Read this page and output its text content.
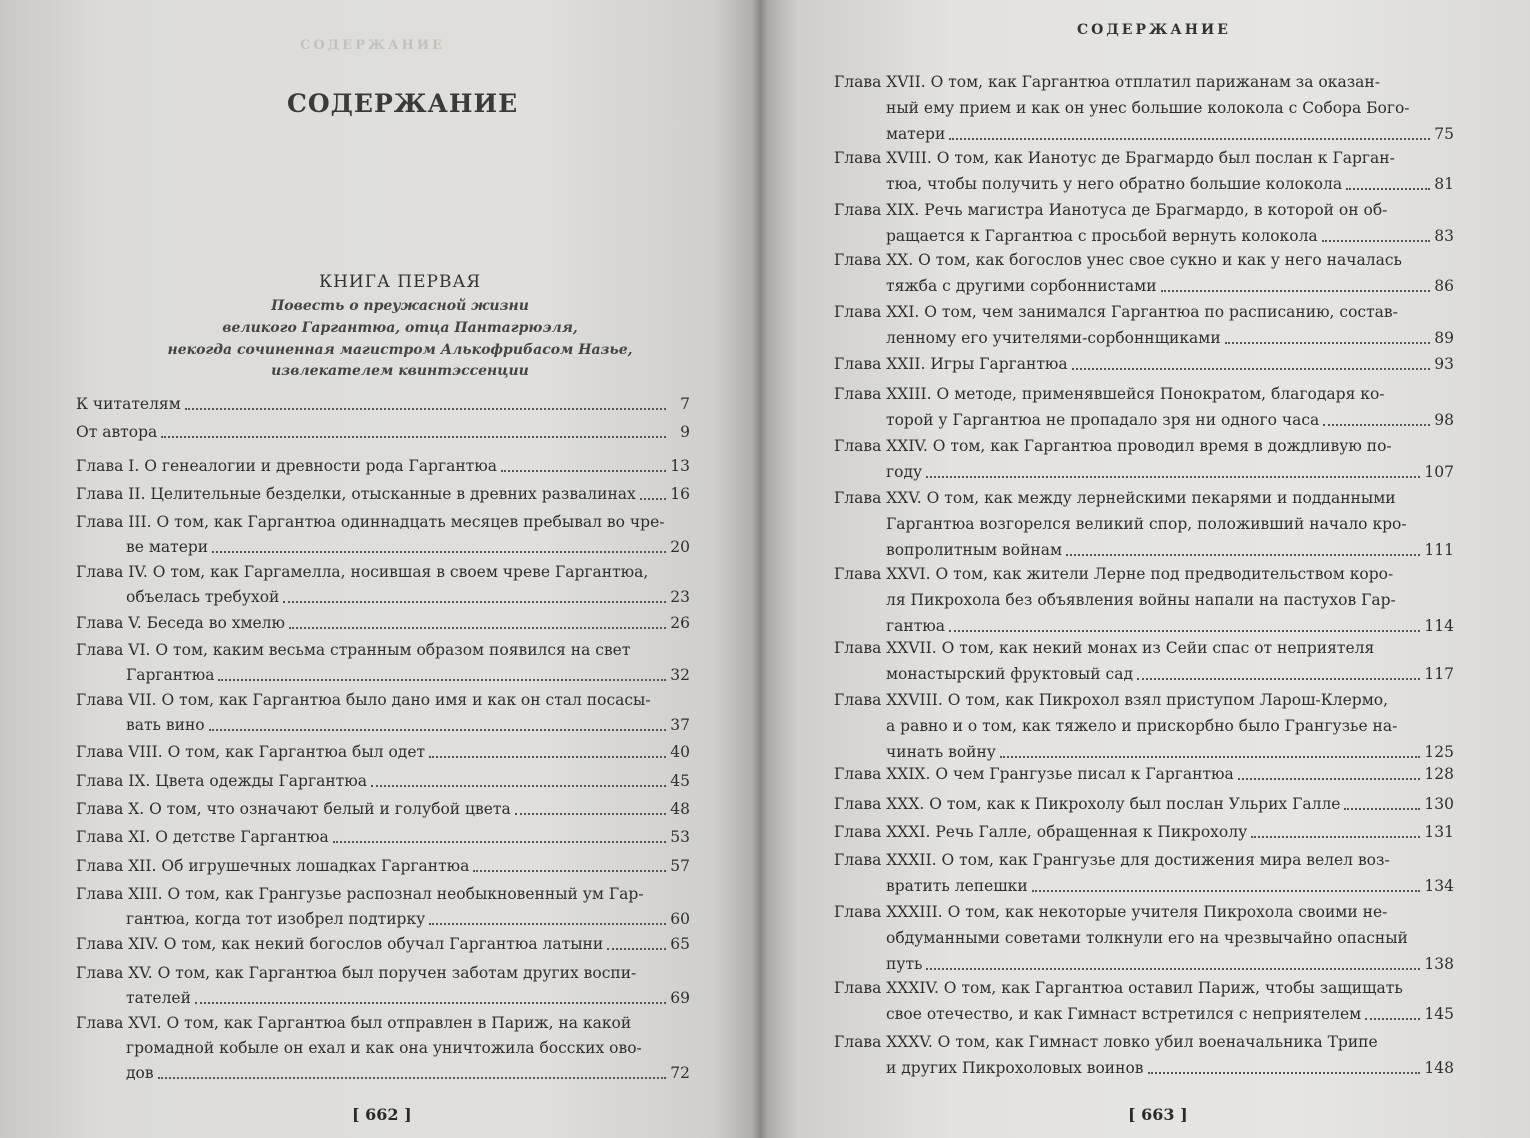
СОДЕРЖАНИЕ
СОДЕРЖАНИЕ
КНИГА ПЕРВАЯ
Повесть о преужасной жизни
великого Гаргантюа, отца Пантагрюэля,
некогда сочиненная магистром Алькофрибасом Назье,
извлекателем квинтэссенции
СОДЕРЖАНИЕ
[ 662 ]	[ 663 ]
К читателям	7
От автора	9
Глава I. О генеалогии и древности рода Гаргантюа	13
Глава II. Целительные безделки, отысканные в древних развалинах 16
Глава III. О том, как Гаргантюа одиннадцать месяцев пребывал во чре-
ве матери	20
Глава IV. О том, как Гаргамелла, носившая в своем чреве Гаргантюа,
объелась требухой	23
Глава V. Беседа во хмелю	26
Глава VI. О том, каким весьма странным образом появился на свет
Гаргантюа	32
Глава VII. О том, как Гаргантюа было дано имя и как он стал посасы-
вать вино	37
Глава VIII. О том, как Гаргантюа был одет	40
Глава IX. Цвета одежды Гаргантюа	45
Глава X. О том, что означают белый и голубой цвета	48
Глава XI. О детстве Гаргантюа	53
Глава XII. Об игрушечных лошадках Гаргантюа	57
Глава XIII. О том, как Грангузье распознал необыкновенный ум Гар-
гантюа, когда тот изобрел подтирку	60
Глава XIV. О том, как некий богослов обучал Гаргантюа латыни	65
Глава XV. О том, как Гаргантюа был поручен заботам других воспи-
тателей	69
Глава XVI. О том, как Гаргантюа был отправлен в Париж, на какой
громадной кобыле он ехал и как она уничтожила босских ово-
дов	72
Глава XVII. О том, как Гаргантюа отплатил парижанам за оказан-
ный ему прием и как он унес большие колокола с Собора Бого-
матери	75
Глава XVIII. О том, как Ианотус де Брагмардо был послан к Гарган-
тюа, чтобы получить у него обратно большие колокола	81
Глава XIX. Речь магистра Ианотуса де Брагмардо, в которой он об-
ращается к Гаргантюа с просьбой вернуть колокола	83
Глава XX. О том, как богослов унес свое сукно и как у него началась
тяжба с другими сорбоннистами	86
Глава XXI. О том, чем занимался Гаргантюа по расписанию, состав-
ленному его учителями-сорбоннщиками	89
Глава XXII. Игры Гаргантюа	93
Глава XXIII. О методе, применявшейся Понократом, благодаря ко-
торой у Гаргантюа не пропадало зря ни одного часа	98
Глава XXIV. О том, как Гаргантюа проводил время в дождливую по-
году	107
Глава XXV. О том, как между лернейскими пекарями и подданными
Гаргантюа возгорелся великий спор, положивший начало кро-
вопролитным войнам	111
Глава XXVI. О том, как жители Лерне под предводительством коро-
ля Пикрохола без объявления войны напали на пастухов Гар-
гантюа	114
Глава XXVII. О том, как некий монах из Сейи спас от неприятеля
монастырский фруктовый сад	117
Глава XXVIII. О том, как Пикрохол взял приступом Ларош-Клермо,
а равно и о том, как тяжело и прискорбно было Грангузье на-
чинать войну	125
Глава XXIX. О чем Грангузье писал к Гаргантюа	128
Глава XXX. О том, как к Пикрохолу был послан Ульрих Галле	130
Глава XXXI. Речь Галле, обращенная к Пикрохолу	131
Глава XXXII. О том, как Грангузье для достижения мира велел воз-
вратить лепешки	134
Глава XXXIII. О том, как некоторые учителя Пикрохола своими не-
обдуманными советами толкнули его на чрезвычайно опасный
путь	138
Глава XXXIV. О том, как Гаргантюа оставил Париж, чтобы защищать
свое отечество, и как Гимнаст встретился с неприятелем	145
Глава XXXV. О том, как Гимнаст ловко убил военачальника Трипе
и других Пикрохоловых воинов	148
